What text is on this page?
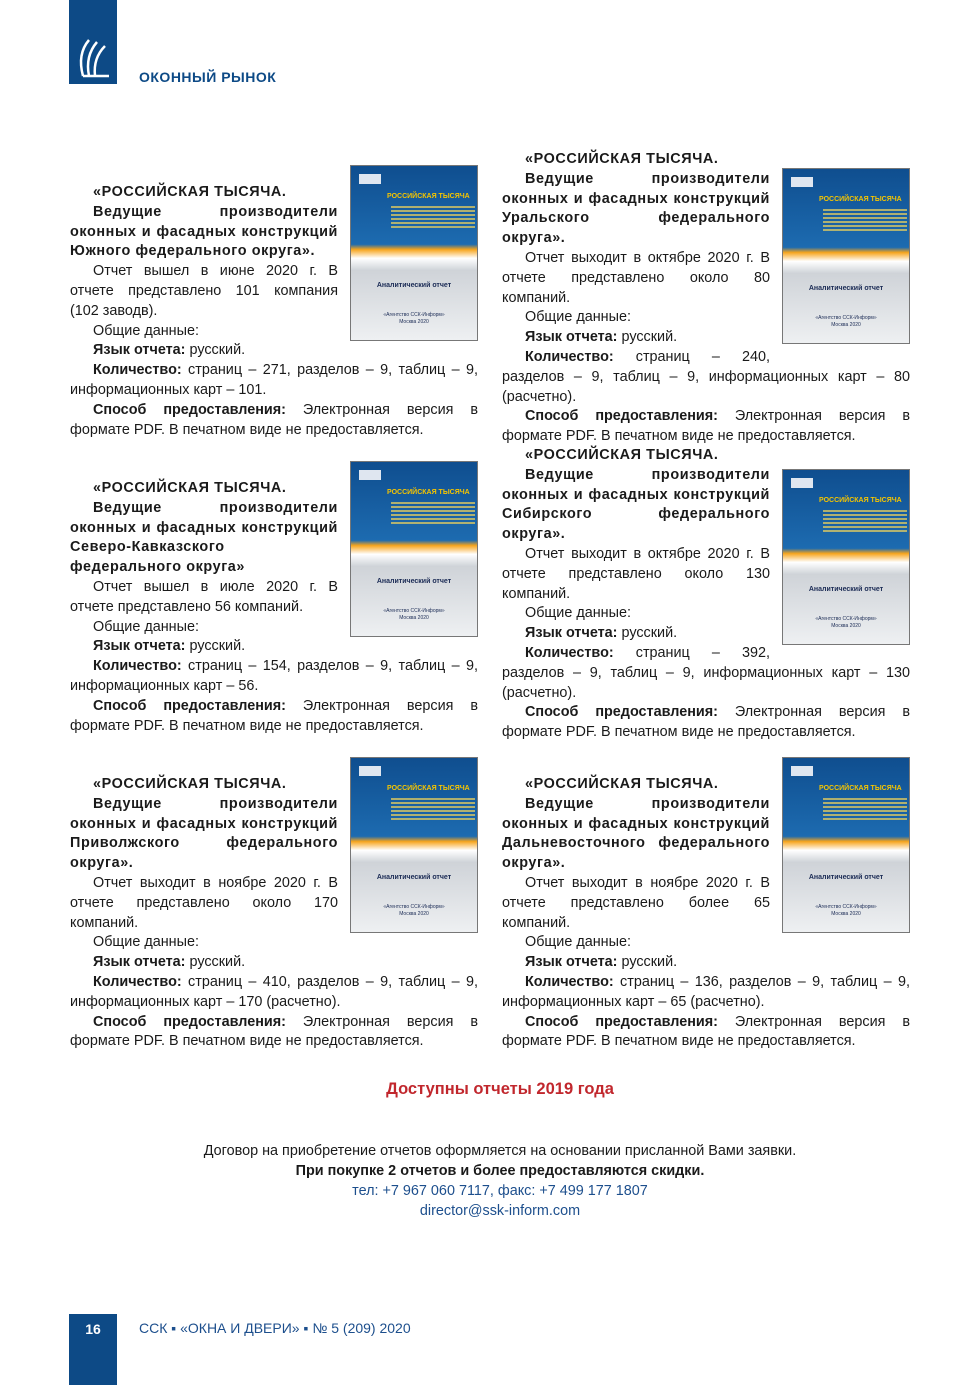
ОКОННЫЙ РЫНОК
РОССИЙСКАЯ ТЫСЯЧА
Аналитический отчет
«Агентство ССК-Информ»
Москва 2020

«РОССИЙСКАЯ ТЫСЯЧА.

Ведущие производители оконных и фасадных конструкций Южного федерального округа».

Отчет вышел в июне 2020 г. В отчете представлено 101 компания (102 заводв).

Общие данные:

Язык отчета: русский.

Количество: страниц – 271, разделов – 9, таблиц – 9, информационных карт – 101.

Способ предоставления: Электронная версия в формате PDF. В печатном виде не предоставляется.

РОССИЙСКАЯ ТЫСЯЧА
Аналитический отчет
«Агентство ССК-Информ»
Москва 2020

«РОССИЙСКАЯ ТЫСЯЧА.

Ведущие производители оконных и фасадных конструкций Уральского федерального округа».

Отчет выходит в октябре 2020 г. В отчете представлено около 80 компаний.

Общие данные:

Язык отчета: русский.

Количество: страниц – 240, разделов – 9, таблиц – 9, информационных карт – 80 (расчетно).

Способ предоставления: Электронная версия в формате PDF. В печатном виде не предоставляется.

РОССИЙСКАЯ ТЫСЯЧА
Аналитический отчет
«Агентство ССК-Информ»
Москва 2020

«РОССИЙСКАЯ ТЫСЯЧА.

Ведущие производители оконных и фасадных конструкций Северо-Кавказского федерального округа»

Отчет вышел в июле 2020 г. В отчете представлено 56 компаний.

Общие данные:

Язык отчета: русский.

Количество: страниц – 154, разделов – 9, таблиц – 9, информационных карт – 56.

Способ предоставления: Электронная версия в формате PDF. В печатном виде не предоставляется.

РОССИЙСКАЯ ТЫСЯЧА
Аналитический отчет
«Агентство ССК-Информ»
Москва 2020

«РОССИЙСКАЯ ТЫСЯЧА.

Ведущие производители оконных и фасадных конструкций Сибирского федерального округа».

Отчет выходит в октябре 2020 г. В отчете представлено около 130 компаний.

Общие данные:

Язык отчета: русский.

Количество: страниц – 392, разделов – 9, таблиц – 9, информационных карт – 130 (расчетно).

Способ предоставления: Электронная версия в формате PDF. В печатном виде не предоставляется.

РОССИЙСКАЯ ТЫСЯЧА
Аналитический отчет
«Агентство ССК-Информ»
Москва 2020

«РОССИЙСКАЯ ТЫСЯЧА.

Ведущие производители оконных и фасадных конструкций Приволжского федерального округа».

Отчет выходит в ноябре 2020 г. В отчете представлено около 170 компаний.

Общие данные:

Язык отчета: русский.

Количество: страниц – 410, разделов – 9, таблиц – 9, информационных карт – 170 (расчетно).

Способ предоставления: Электронная версия в формате PDF. В печатном виде не предоставляется.

РОССИЙСКАЯ ТЫСЯЧА
Аналитический отчет
«Агентство ССК-Информ»
Москва 2020

«РОССИЙСКАЯ ТЫСЯЧА.

Ведущие производители оконных и фасадных конструкций Дальневосточного федерального округа».

Отчет выходит в ноябре 2020 г. В отчете представлено более 65 компаний.

Общие данные:

Язык отчета: русский.

Количество: страниц – 136, разделов – 9, таблиц – 9, информационных карт – 65 (расчетно).

Способ предоставления: Электронная версия в формате PDF. В печатном виде не предоставляется.

Доступны отчеты 2019 года
Договор на приобретение отчетов оформляется на основании присланной Вами заявки.
При покупке 2 отчетов и более предоставляются скидки.
тел: +7 967 060 7117, факс: +7 499 177 1807
director@ssk-inform.com
16	ССК ▪ «ОКНА И ДВЕРИ» ▪ № 5 (209) 2020
